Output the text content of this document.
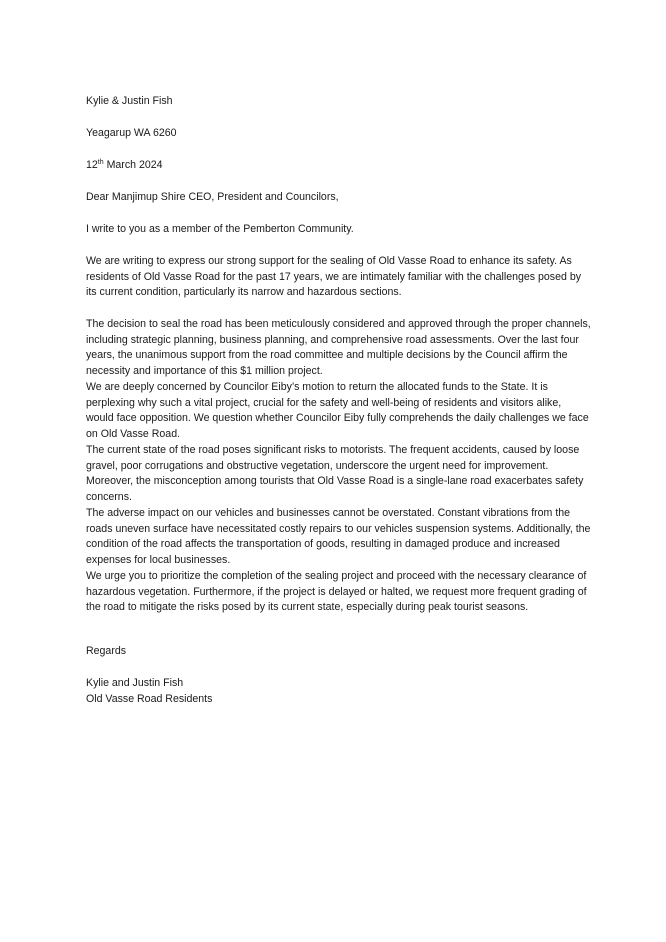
Kylie & Justin Fish

Yeagarup WA 6260

12th March 2024

Dear Manjimup Shire CEO, President and Councilors,

I write to you as a member of the Pemberton Community.

We are writing to express our strong support for the sealing of Old Vasse Road to enhance its safety. As residents of Old Vasse Road for the past 17 years, we are intimately familiar with the challenges posed by its current condition, particularly its narrow and hazardous sections.

The decision to seal the road has been meticulously considered and approved through the proper channels, including strategic planning, business planning, and comprehensive road assessments. Over the last four years, the unanimous support from the road committee and multiple decisions by the Council affirm the necessity and importance of this $1 million project.

We are deeply concerned by Councilor Eiby’s motion to return the allocated funds to the State. It is perplexing why such a vital project, crucial for the safety and well-being of residents and visitors alike, would face opposition. We question whether Councilor Eiby fully comprehends the daily challenges we face on Old Vasse Road.

The current state of the road poses significant risks to motorists. The frequent accidents, caused by loose gravel, poor corrugations and obstructive vegetation, underscore the urgent need for improvement. Moreover, the misconception among tourists that Old Vasse Road is a single-lane road exacerbates safety concerns.

The adverse impact on our vehicles and businesses cannot be overstated. Constant vibrations from the roads uneven surface have necessitated costly repairs to our vehicles suspension systems. Additionally, the condition of the road affects the transportation of goods, resulting in damaged produce and increased expenses for local businesses.

We urge you to prioritize the completion of the sealing project and proceed with the necessary clearance of hazardous vegetation. Furthermore, if the project is delayed or halted, we request more frequent grading of the road to mitigate the risks posed by its current state, especially during peak tourist seasons.

Regards

Kylie and Justin Fish

Old Vasse Road Residents
